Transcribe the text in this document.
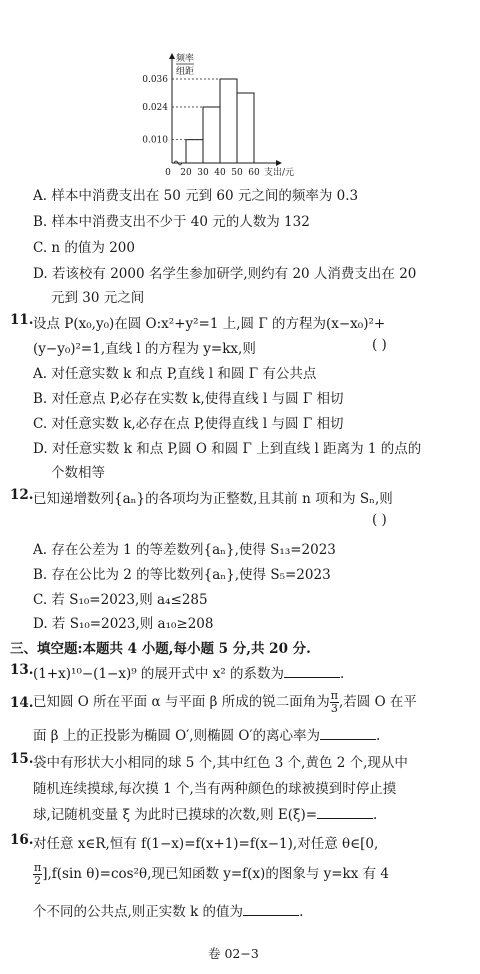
0.010
0.024
0.036
0 20 30 40 50 60 支出/元
频率
组距
A. 样本中消费支出在 50 元到 60 元之间的频率为 0.3
B. 样本中消费支出不少于 40 元的人数为 132
C. n 的值为 200
D. 若该校有 2000 名学生参加研学,则约有 20 人消费支出在 20
元到 30 元之间
11. 设点 P(x₀,y₀)在圆 O:x²+y²=1 上,圆 Γ 的方程为(x−x₀)²+
(y−y₀)²=1,直线 l 的方程为 y=kx,则	( )
A. 对任意实数 k 和点 P,直线 l 和圆 Γ 有公共点
B. 对任意点 P,必存在实数 k,使得直线 l 与圆 Γ 相切
C. 对任意实数 k,必存在点 P,使得直线 l 与圆 Γ 相切
D. 对任意实数 k 和点 P,圆 O 和圆 Γ 上到直线 l 距离为 1 的点的
个数相等
12. 已知递增数列{aₙ}的各项均为正整数,且其前 n 项和为 Sₙ,则
( )
A. 存在公差为 1 的等差数列{aₙ},使得 S₁₃=2023
B. 存在公比为 2 的等比数列{aₙ},使得 S₅=2023
C. 若 S₁₀=2023,则 a₄≤285
D. 若 S₁₀=2023,则 a₁₀≥208
三、填空题:本题共 4 小题,每小题 5 分,共 20 分.
13. (1+x)¹⁰−(1−x)⁹ 的展开式中 x² 的系数为	.
14. 已知圆 O 所在平面 α 与平面 β 所成的锐二面角为 $\frac{\pi}{3}$ ,若圆 O 在平
面 β 上的正投影为椭圆 O′,则椭圆 O′的离心率为	.
15. 袋中有形状大小相同的球 5 个,其中红色 3 个,黄色 2 个,现从中
随机连续摸球,每次摸 1 个,当有两种颜色的球被摸到时停止摸
球,记随机变量 ξ 为此时已摸球的次数,则 E(ξ)=	.
16. 对任意 x∈R,恒有 f(1−x)=f(x+1)=f(x−1),对任意 θ∈[0,
$\frac{\pi}{2} ],f(\sin$ θ)=cos²θ,现已知函数 y=f(x)的图象与 y=kx 有 4
个不同的公共点,则正实数 k 的值为	.
卷 02−3
